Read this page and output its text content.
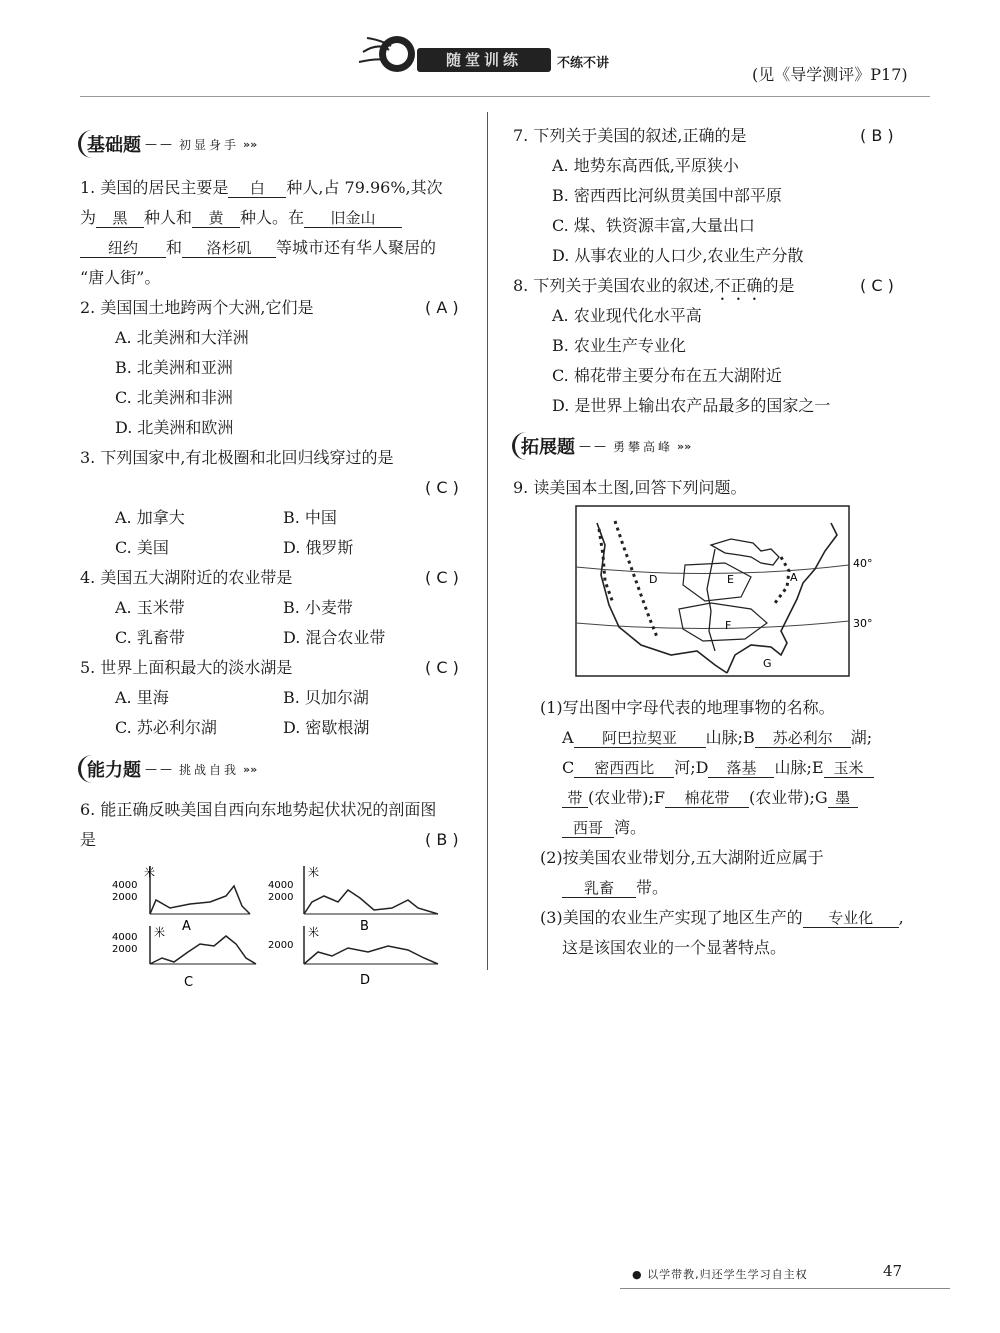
随堂训练	不练不讲
(见《导学测评》P17)
基础题 —— 初显身手 »»
1. 美国的居民主要是 白 种人,占 79.96%,其次
为 黑 种人和 黄 种人。在 旧金山
纽约 和 洛杉矶 等城市还有华人聚居的
“唐人街”。
2. 美国国土地跨两个大洲,它们是	( A )
A. 北美洲和大洋洲
B. 北美洲和亚洲
C. 北美洲和非洲
D. 北美洲和欧洲
3. 下列国家中,有北极圈和北回归线穿过的是
( C )
A. 加拿大	B. 中国
C. 美国	D. 俄罗斯
4. 美国五大湖附近的农业带是	( C )
A. 玉米带	B. 小麦带
C. 乳畜带	D. 混合农业带
5. 世界上面积最大的淡水湖是	( C )
A. 里海	B. 贝加尔湖
C. 苏必利尔湖	D. 密歇根湖
能力题 —— 挑战自我 »»
6. 能正确反映美国自西向东地势起伏状况的剖面图
是	( B )
米
4000
2000
A
米
4000
2000
B
米
4000
2000
C
米
2000
D
7. 下列关于美国的叙述,正确的是	( B )
A. 地势东高西低,平原狭小
B. 密西西比河纵贯美国中部平原
C. 煤、铁资源丰富,大量出口
D. 从事农业的人口少,农业生产分散
8. 下列关于美国农业的叙述,不正确的是	( C )
A. 农业现代化水平高
B. 农业生产专业化
C. 棉花带主要分布在五大湖附近
D. 是世界上输出农产品最多的国家之一
拓展题 —— 勇攀高峰 »»
9. 读美国本土图,回答下列问题。
40°
30°
A
D	E
F
G
(1)写出图中字母代表的地理事物的名称。
A 阿巴拉契亚 山脉;B 苏必利尔 湖;
C 密西西比 河;D 落基 山脉;E 玉米
带 (农业带);F 棉花带 (农业带);G 墨
西哥 湾。
(2)按美国农业带划分,五大湖附近应属于
乳畜 带。
(3)美国的农业生产实现了地区生产的 专业化 ,
这是该国农业的一个显著特点。
● 以学带教,归还学生学习自主权	47
